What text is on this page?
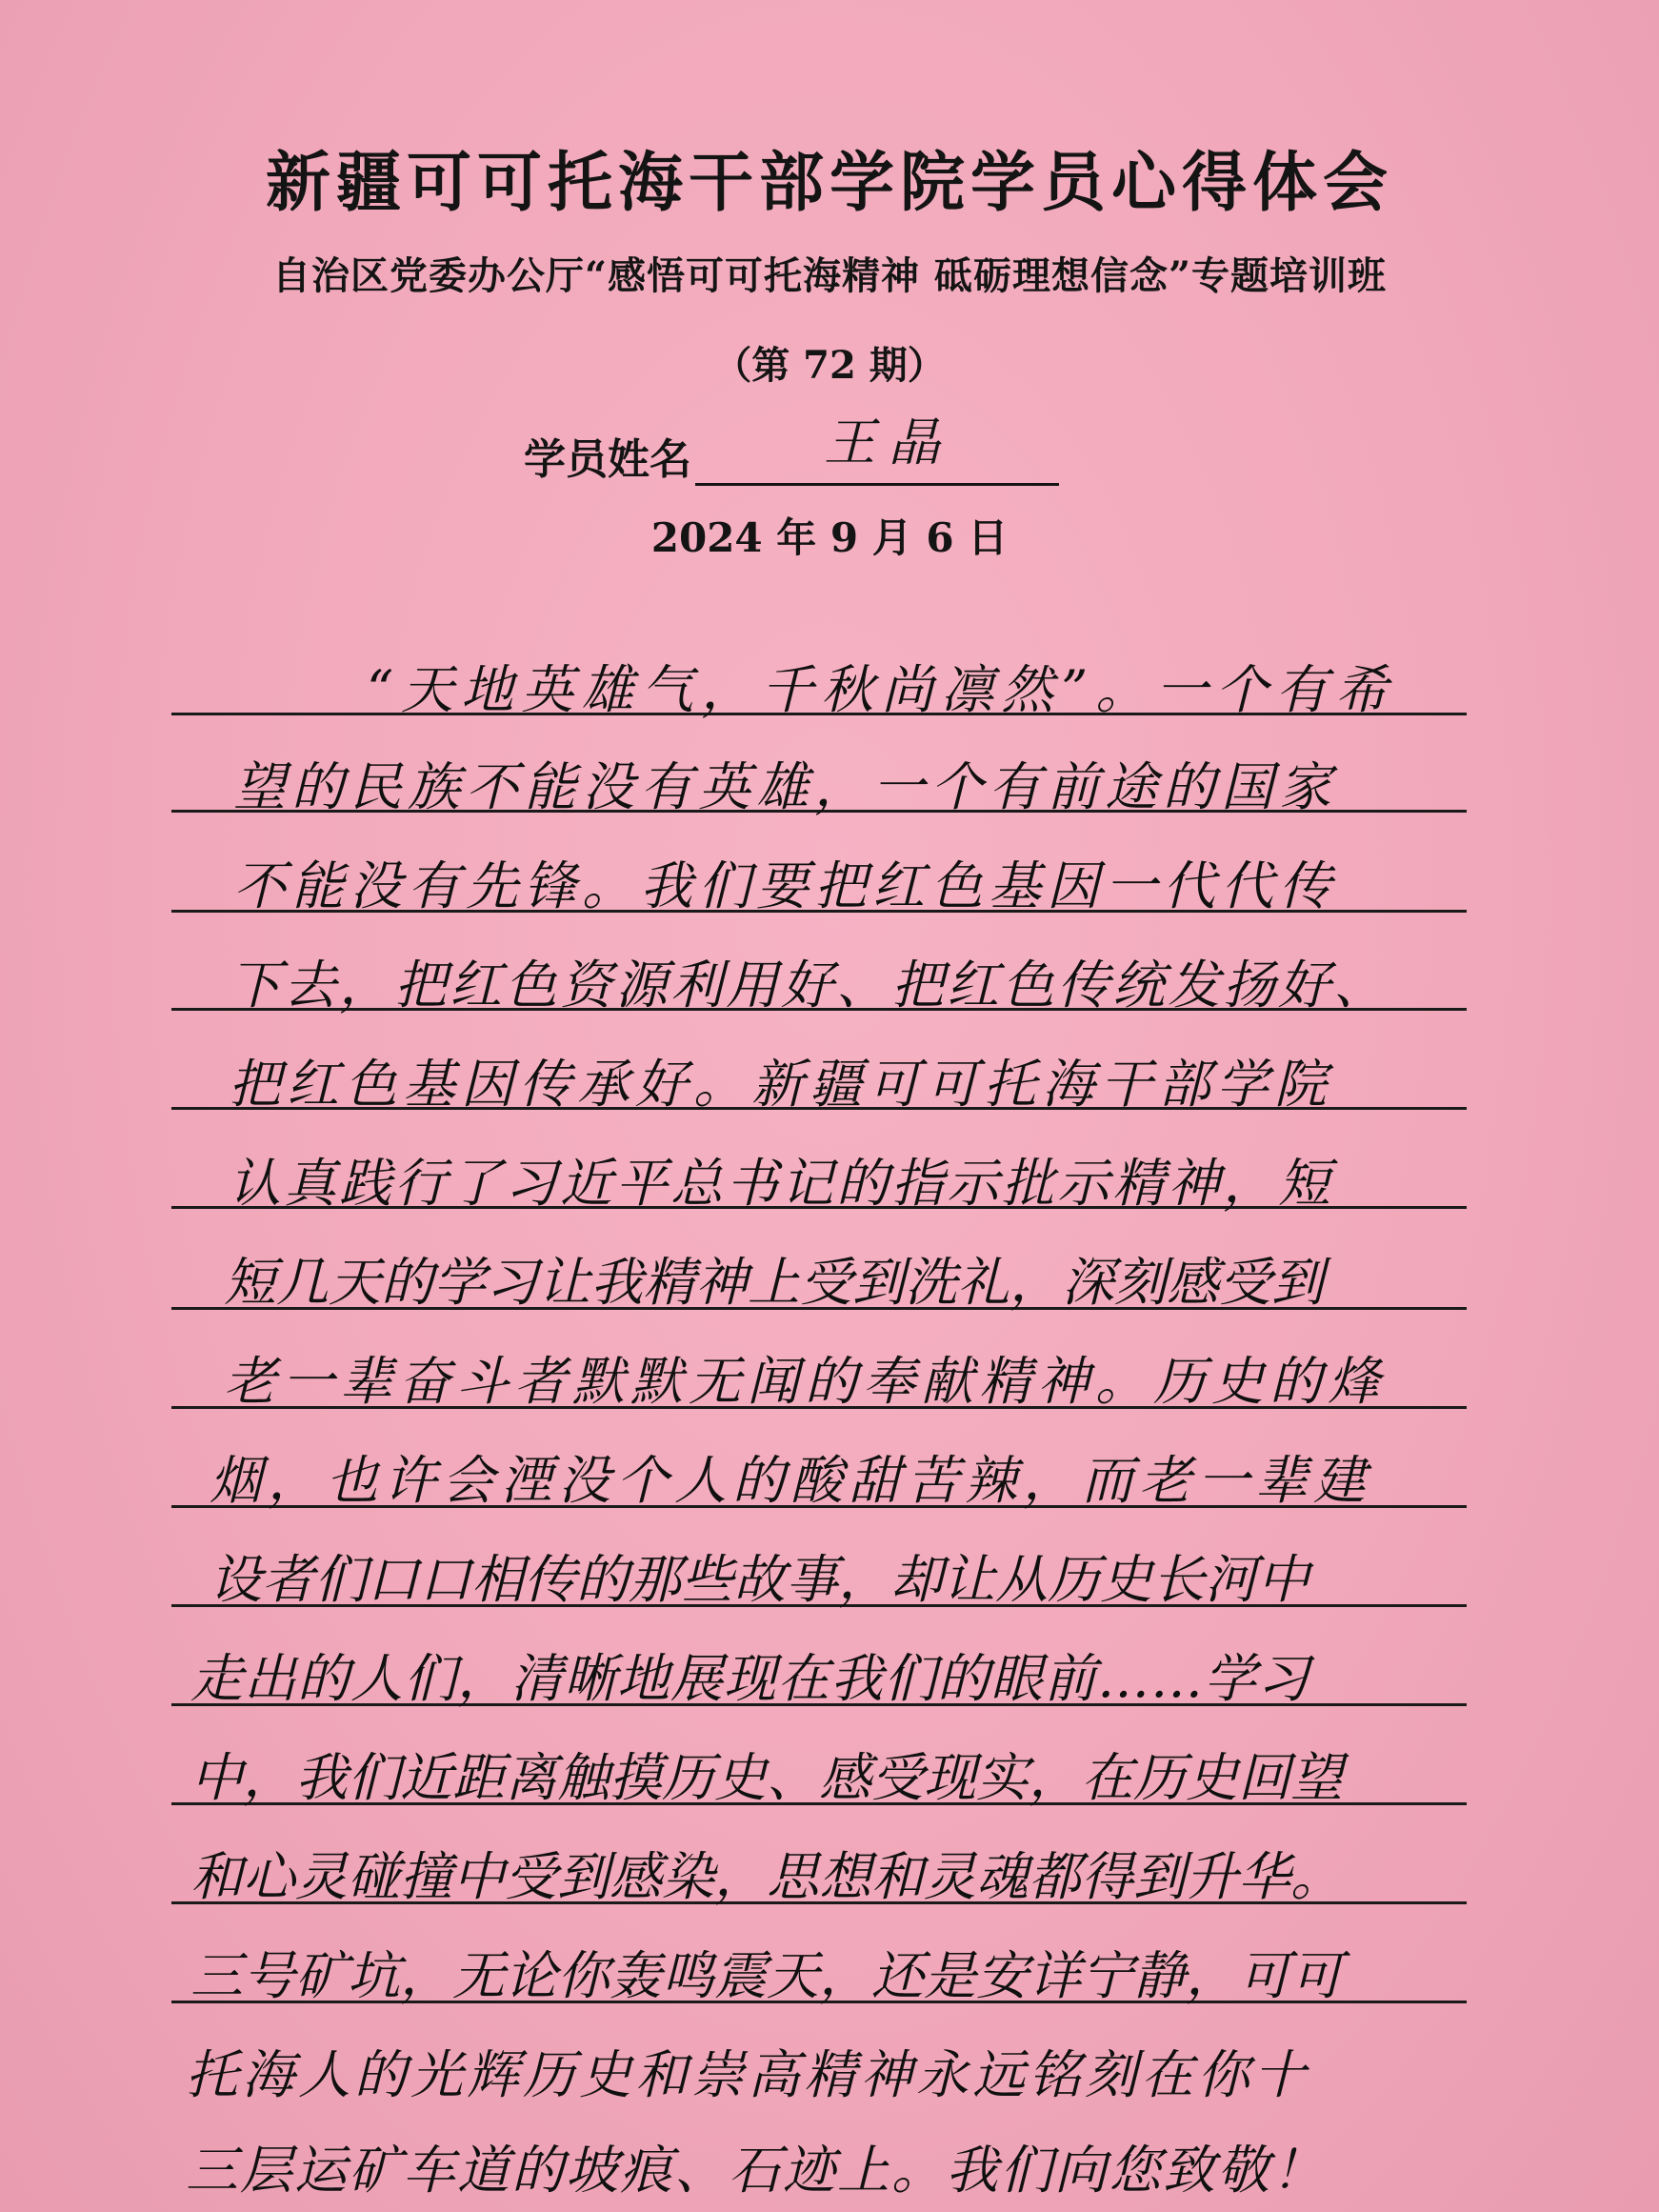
新疆可可托海干部学院学员心得体会
自治区党委办公厅“感悟可可托海精神 砥砺理想信念”专题培训班
（第 72 期）
学员姓名	王晶
2024 年 9 月 6 日
“天地英雄气，千秋尚凛然”。一个有希
望的民族不能没有英雄，一个有前途的国家
不能没有先锋。我们要把红色基因一代代传
下去，把红色资源利用好、把红色传统发扬好、
把红色基因传承好。新疆可可托海干部学院
认真践行了习近平总书记的指示批示精神，短
短几天的学习让我精神上受到洗礼，深刻感受到
老一辈奋斗者默默无闻的奉献精神。历史的烽
烟，也许会湮没个人的酸甜苦辣，而老一辈建
设者们口口相传的那些故事，却让从历史长河中
走出的人们，清晰地展现在我们的眼前……学习
中，我们近距离触摸历史、感受现实，在历史回望
和心灵碰撞中受到感染，思想和灵魂都得到升华。
三号矿坑，无论你轰鸣震天，还是安详宁静，可可
托海人的光辉历史和崇高精神永远铭刻在你十
三层运矿车道的坡痕、石迹上。我们向您致敬！
